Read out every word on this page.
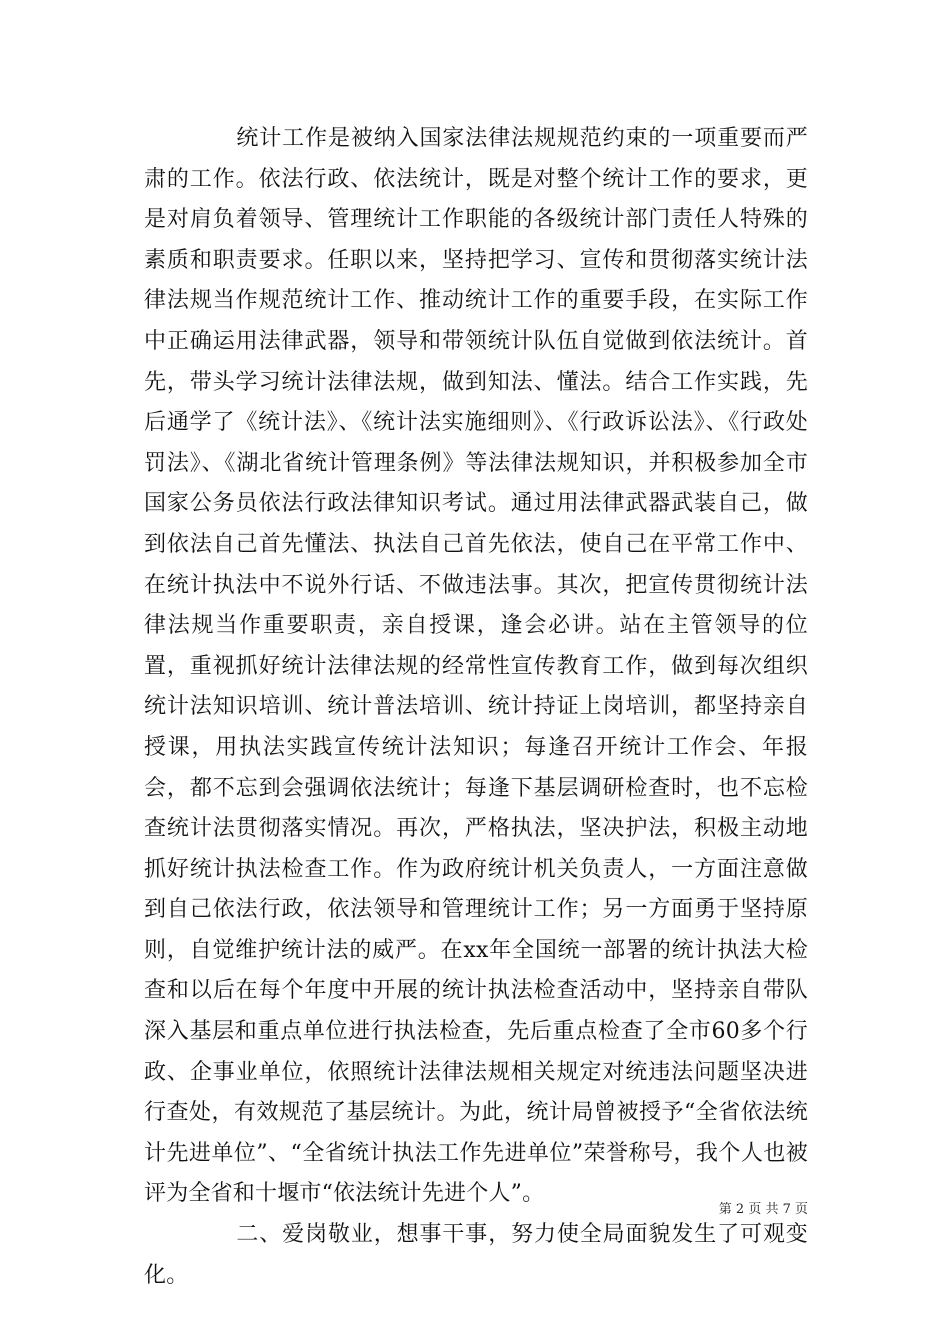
统计工作是被纳入国家法律法规规范约束的一项重要而严肃的工作。依法行政、依法统计，既是对整个统计工作的要求，更是对肩负着领导、管理统计工作职能的各级统计部门责任人特殊的素质和职责要求。任职以来，坚持把学习、宣传和贯彻落实统计法律法规当作规范统计工作、推动统计工作的重要手段，在实际工作中正确运用法律武器，领导和带领统计队伍自觉做到依法统计。首先，带头学习统计法律法规，做到知法、懂法。结合工作实践，先后通学了《统计法》、《统计法实施细则》、《行政诉讼法》、《行政处罚法》、《湖北省统计管理条例》等法律法规知识，并积极参加全市国家公务员依法行政法律知识考试。通过用法律武器武装自己，做到依法自己首先懂法、执法自己首先依法，使自己在平常工作中、在统计执法中不说外行话、不做违法事。其次，把宣传贯彻统计法律法规当作重要职责，亲自授课，逢会必讲。站在主管领导的位置，重视抓好统计法律法规的经常性宣传教育工作，做到每次组织统计法知识培训、统计普法培训、统计持证上岗培训，都坚持亲自授课，用执法实践宣传统计法知识；每逢召开统计工作会、年报会，都不忘到会强调依法统计；每逢下基层调研检查时，也不忘检查统计法贯彻落实情况。再次，严格执法，坚决护法，积极主动地抓好统计执法检查工作。作为政府统计机关负责人，一方面注意做到自己依法行政，依法领导和管理统计工作；另一方面勇于坚持原则，自觉维护统计法的威严。在xx年全国统一部署的统计执法大检查和以后在每个年度中开展的统计执法检查活动中，坚持亲自带队深入基层和重点单位进行执法检查，先后重点检查了全市60多个行政、企事业单位，依照统计法律法规相关规定对统违法问题坚决进行查处，有效规范了基层统计。为此，统计局曾被授予“全省依法统计先进单位”、“全省统计执法工作先进单位”荣誉称号，我个人也被评为全省和十堰市“依法统计先进个人”。

二、爱岗敬业，想事干事，努力使全局面貌发生了可观变化。

第 2 页 共 7 页
